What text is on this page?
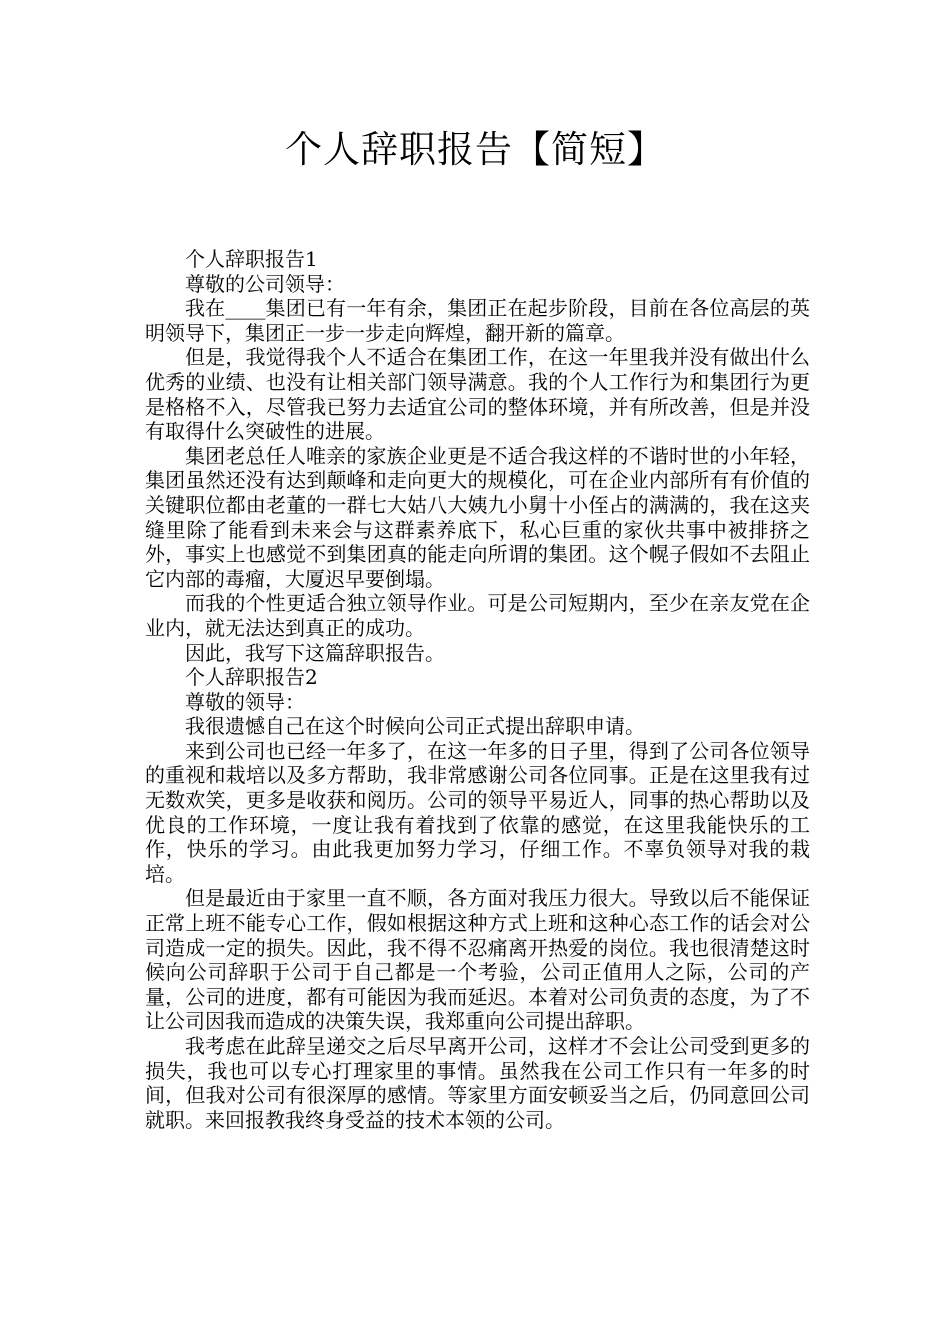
个人辞职报告【简短】

个人辞职报告1

尊敬的公司领导：

我在____集团已有一年有余，集团正在起步阶段，目前在各位高层的英明领导下，集团正一步一步走向辉煌，翻开新的篇章。

但是，我觉得我个人不适合在集团工作，在这一年里我并没有做出什么优秀的业绩、也没有让相关部门领导满意。我的个人工作行为和集团行为更是格格不入，尽管我已努力去适宜公司的整体环境，并有所改善，但是并没有取得什么突破性的进展。

集团老总任人唯亲的家族企业更是不适合我这样的不谐时世的小年轻，集团虽然还没有达到颠峰和走向更大的规模化，可在企业内部所有有价值的关键职位都由老董的一群七大姑八大姨九小舅十小侄占的满满的，我在这夹缝里除了能看到未来会与这群素养底下，私心巨重的家伙共事中被排挤之外，事实上也感觉不到集团真的能走向所谓的集团。这个幌子假如不去阻止它内部的毒瘤，大厦迟早要倒塌。

而我的个性更适合独立领导作业。可是公司短期内，至少在亲友党在企业内，就无法达到真正的成功。

因此，我写下这篇辞职报告。

个人辞职报告2

尊敬的领导：

我很遗憾自己在这个时候向公司正式提出辞职申请。

来到公司也已经一年多了，在这一年多的日子里，得到了公司各位领导的重视和栽培以及多方帮助，我非常感谢公司各位同事。正是在这里我有过无数欢笑，更多是收获和阅历。公司的领导平易近人，同事的热心帮助以及优良的工作环境，一度让我有着找到了依靠的感觉，在这里我能快乐的工作，快乐的学习。由此我更加努力学习，仔细工作。不辜负领导对我的栽培。

但是最近由于家里一直不顺，各方面对我压力很大。导致以后不能保证正常上班不能专心工作，假如根据这种方式上班和这种心态工作的话会对公司造成一定的损失。因此，我不得不忍痛离开热爱的岗位。我也很清楚这时候向公司辞职于公司于自己都是一个考验，公司正值用人之际，公司的产量，公司的进度，都有可能因为我而延迟。本着对公司负责的态度，为了不让公司因我而造成的决策失误，我郑重向公司提出辞职。

我考虑在此辞呈递交之后尽早离开公司，这样才不会让公司受到更多的损失，我也可以专心打理家里的事情。虽然我在公司工作只有一年多的时间，但我对公司有很深厚的感情。等家里方面安顿妥当之后，仍同意回公司就职。来回报教我终身受益的技术本领的公司。
